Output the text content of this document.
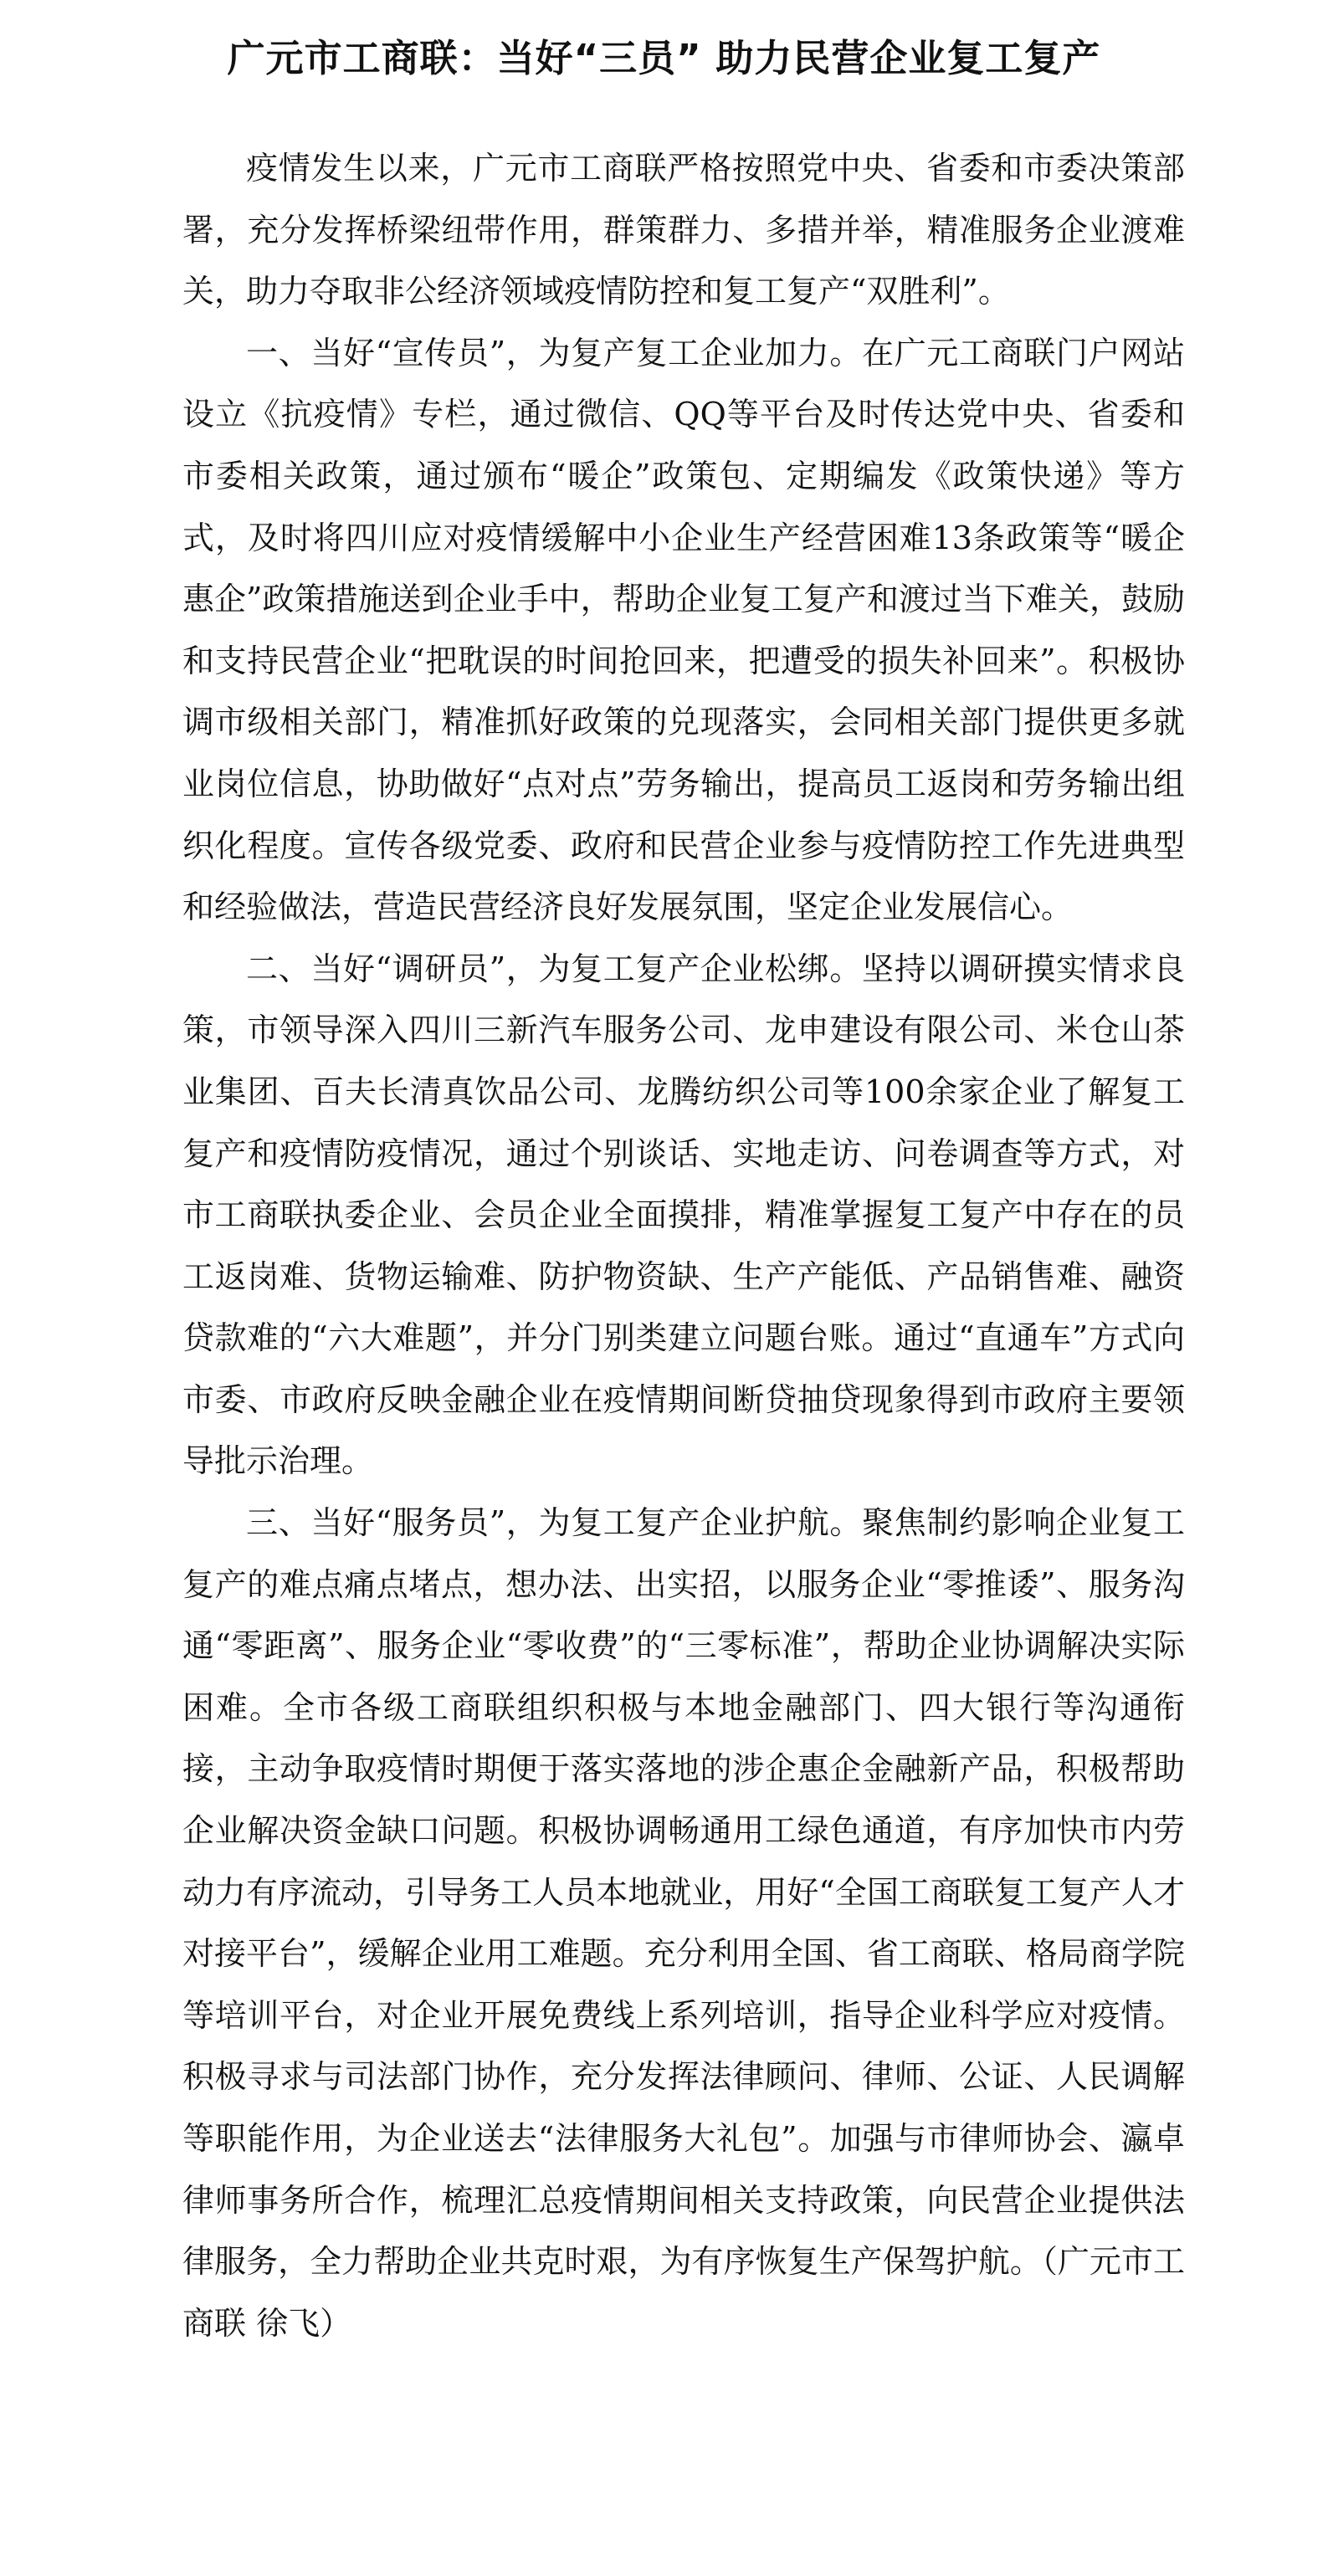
广元市工商联：当好“三员” 助力民营企业复工复产

疫情发生以来，广元市工商联严格按照党中央、省委和市委决策部署，充分发挥桥梁纽带作用，群策群力、多措并举，精准服务企业渡难关，助力夺取非公经济领域疫情防控和复工复产“双胜利”。

一、当好“宣传员”，为复产复工企业加力。在广元工商联门户网站设立《抗疫情》专栏，通过微信、QQ等平台及时传达党中央、省委和市委相关政策，通过颁布“暖企”政策包、定期编发《政策快递》等方式，及时将四川应对疫情缓解中小企业生产经营困难13条政策等“暖企惠企”政策措施送到企业手中，帮助企业复工复产和渡过当下难关，鼓励和支持民营企业“把耽误的时间抢回来，把遭受的损失补回来”。积极协调市级相关部门，精准抓好政策的兑现落实，会同相关部门提供更多就业岗位信息，协助做好“点对点”劳务输出，提高员工返岗和劳务输出组织化程度。宣传各级党委、政府和民营企业参与疫情防控工作先进典型和经验做法，营造民营经济良好发展氛围，坚定企业发展信心。

二、当好“调研员”，为复工复产企业松绑。坚持以调研摸实情求良策，市领导深入四川三新汽车服务公司、龙申建设有限公司、米仓山茶业集团、百夫长清真饮品公司、龙腾纺织公司等100余家企业了解复工复产和疫情防疫情况，通过个别谈话、实地走访、问卷调查等方式，对市工商联执委企业、会员企业全面摸排，精准掌握复工复产中存在的员工返岗难、货物运输难、防护物资缺、生产产能低、产品销售难、融资贷款难的“六大难题”，并分门别类建立问题台账。通过“直通车”方式向市委、市政府反映金融企业在疫情期间断贷抽贷现象得到市政府主要领导批示治理。

三、当好“服务员”，为复工复产企业护航。聚焦制约影响企业复工复产的难点痛点堵点，想办法、出实招，以服务企业“零推诿”、服务沟通“零距离”、服务企业“零收费”的“三零标准”，帮助企业协调解决实际困难。全市各级工商联组织积极与本地金融部门、四大银行等沟通衔接，主动争取疫情时期便于落实落地的涉企惠企金融新产品，积极帮助企业解决资金缺口问题。积极协调畅通用工绿色通道，有序加快市内劳动力有序流动，引导务工人员本地就业，用好“全国工商联复工复产人才对接平台”，缓解企业用工难题。充分利用全国、省工商联、格局商学院等培训平台，对企业开展免费线上系列培训，指导企业科学应对疫情。积极寻求与司法部门协作，充分发挥法律顾问、律师、公证、人民调解等职能作用，为企业送去“法律服务大礼包”。加强与市律师协会、瀛卓律师事务所合作，梳理汇总疫情期间相关支持政策，向民营企业提供法律服务，全力帮助企业共克时艰，为有序恢复生产保驾护航。（广元市工商联 徐飞）
